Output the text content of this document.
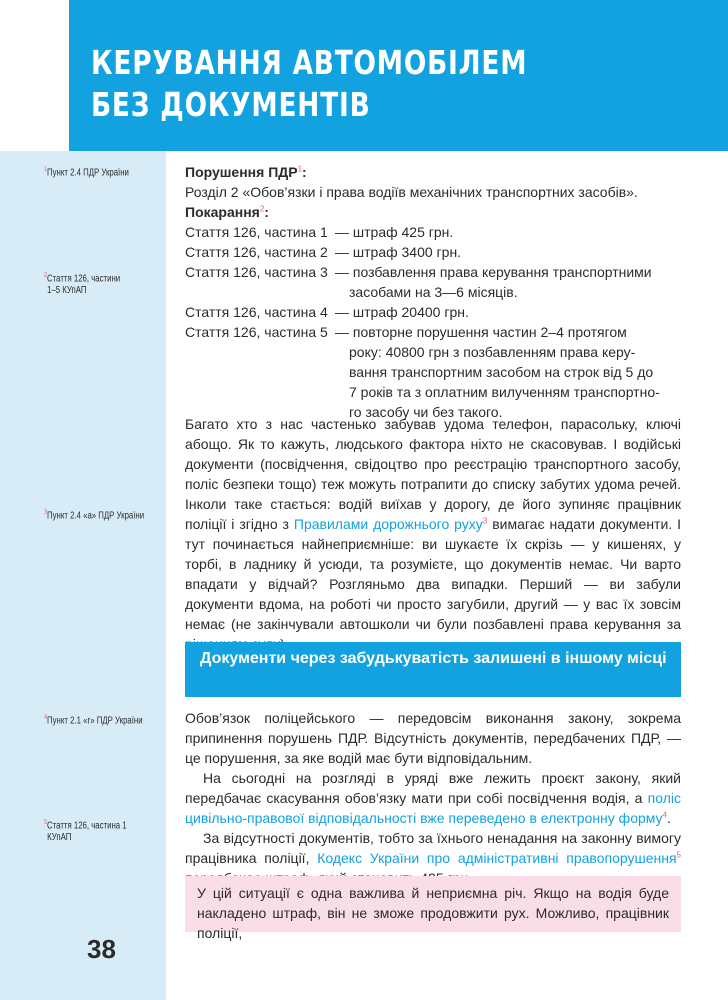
КЕРУВАННЯ АВТОМОБІЛЕМ
БЕЗ ДОКУМЕНТІВ
$^1$Пункт 2.4 ПДР України
$^2$Стаття 126, частини
1–5 КУпАП
$^3$Пункт 2.4 «а» ПДР України
$^4$Пункт 2.1 «г» ПДР України
$^5$Стаття 126, частина 1
КУпАП
38

Порушення ПДР$^1$:

Розділ 2 «Обов’язки і права водіїв механічних транспортних засобів».

Покарання$^2$:

Стаття 126, частина 1 — штраф 425 грн.
Стаття 126, частина 2 — штраф 3400 грн.
Стаття 126, частина 3 — позбавлення права керування транспортними
засобами на 3—6 місяців.
Стаття 126, частина 4 — штраф 20400 грн.
Стаття 126, частина 5 — повторне порушення частин 2–4 протягом
року: 40800 грн з позбавленням права керу-
вання транспортним засобом на строк від 5 до
7 років та з оплатним вилученням транспортно-
го засобу чи без такого.

Багато хто з нас частенько забував удома телефон, парасольку, ключі абощо. Як то кажуть, людського фактора ніхто не скасовував. І водійські документи (посвідчення, свідоцтво про реєстрацію транспортного засобу, поліс безпеки тощо) теж можуть потрапити до списку забутих удома речей. Інколи таке стається: водій виїхав у дорогу, де його зупиняє працівник поліції і згідно з Правилами дорожнього руху$^3$ вимагає надати документи. І тут починається найнеприємніше: ви шукаєте їх скрізь — у кишенях, у торбі, в ладнику й усюди, та розумієте, що документів немає. Чи варто впадати у відчай? Розгляньмо два випадки. Перший — ви забули документи вдома, на роботі чи просто загубили, другий — у вас їх зовсім немає (не закінчували автошколи чи були позбавлені права керування за

Документи через забудькуватість залишені в іншому місці

Обов’язок поліцейського — передовсім виконання закону, зокрема припинення порушень ПДР. Відсутність документів, передбачених ПДР, — це порушення, за яке водій має бути відповідальним.

На сьогодні на розгляді в уряді вже лежить проєкт закону, який передбачає скасування обов’язку мати при собі посвідчення водія, а поліс цивільно-правової відповідальності вже переведено в електронну форму$^4$.

За відсутності документів, тобто за їхнього ненадання на законну вимогу працівника поліції, Кодекс України про адміністративні правопорушення$^5$

У цій ситуації є одна важлива й неприємна річ. Якщо на водія буде накладено штраф, він не зможе продовжити рух. Можливо, працівник поліції,
